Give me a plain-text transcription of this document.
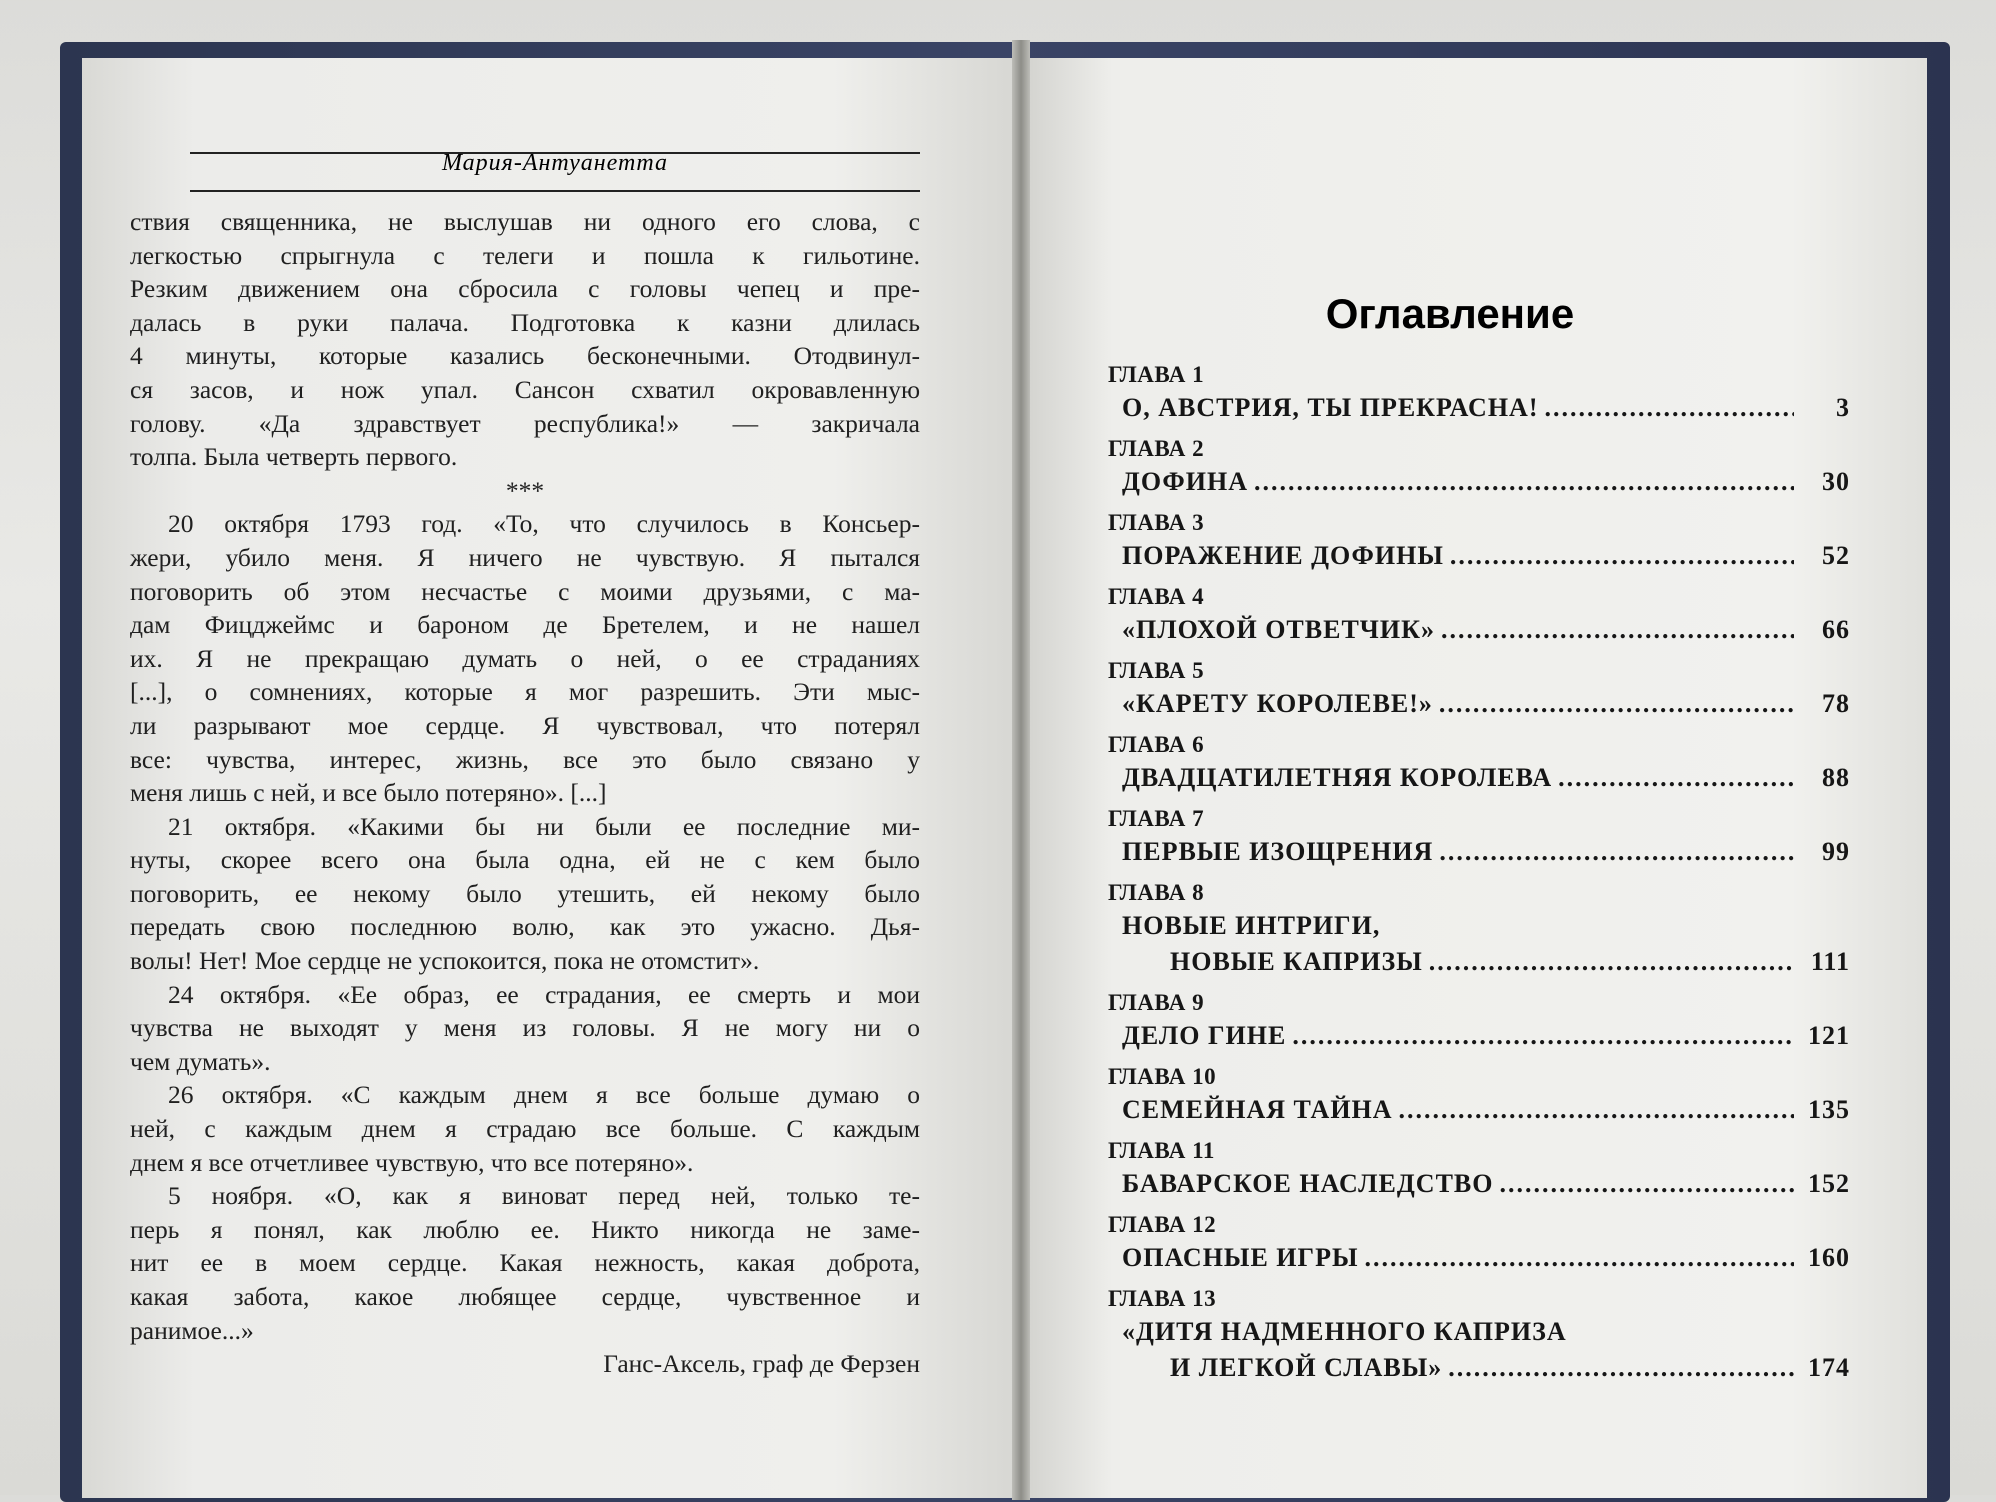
Мария-Антуанетта
ствия священника, не выслушав ни одного его слова, с
легкостью спрыгнула с телеги и пошла к гильотине.
Резким движением она сбросила с головы чепец и пре-
далась в руки палача. Подготовка к казни длилась
4 минуты, которые казались бесконечными. Отодвинул-
ся засов, и нож упал. Сансон схватил окровавленную
голову. «Да здравствует республика!» — закричала
толпа. Была четверть первого.
***
20 октября 1793 год. «То, что случилось в Консьер-
жери, убило меня. Я ничего не чувствую. Я пытался
поговорить об этом несчастье с моими друзьями, с ма-
дам Фицджеймс и бароном де Бретелем, и не нашел
их. Я не прекращаю думать о ней, о ее страданиях
[...], о сомнениях, которые я мог разрешить. Эти мыс-
ли разрывают мое сердце. Я чувствовал, что потерял
все: чувства, интерес, жизнь, все это было связано у
меня лишь с ней, и все было потеряно». [...]
21 октября. «Какими бы ни были ее последние ми-
нуты, скорее всего она была одна, ей не с кем было
поговорить, ее некому было утешить, ей некому было
передать свою последнюю волю, как это ужасно. Дья-
волы! Нет! Мое сердце не успокоится, пока не отомстит».
24 октября. «Ее образ, ее страдания, ее смерть и мои
чувства не выходят у меня из головы. Я не могу ни о
чем думать».
26 октября. «С каждым днем я все больше думаю о
ней, с каждым днем я страдаю все больше. С каждым
днем я все отчетливее чувствую, что все потеряно».
5 ноября. «О, как я виноват перед ней, только те-
перь я понял, как люблю ее. Никто никогда не заме-
нит ее в моем сердце. Какая нежность, какая доброта,
какая забота, какое любящее сердце, чувственное и
ранимое...»
Ганс-Аксель, граф де Ферзен
Оглавление
ГЛАВА 1
О, АВСТРИЯ, ТЫ ПРЕКРАСНА! .....	3
ГЛАВА 2
ДОФИНА .....	30
ГЛАВА 3
ПОРАЖЕНИЕ ДОФИНЫ .....	52
ГЛАВА 4
«ПЛОХОЙ ОТВЕТЧИК» .....	66
ГЛАВА 5
«КАРЕТУ КОРОЛЕВЕ!» .....	78
ГЛАВА 6
ДВАДЦАТИЛЕТНЯЯ КОРОЛЕВА .....	88
ГЛАВА 7
ПЕРВЫЕ ИЗОЩРЕНИЯ .....	99
ГЛАВА 8
НОВЫЕ ИНТРИГИ,
НОВЫЕ КАПРИЗЫ .....	111
ГЛАВА 9
ДЕЛО ГИНЕ .....	121
ГЛАВА 10
СЕМЕЙНАЯ ТАЙНА .....	135
ГЛАВА 11
БАВАРСКОЕ НАСЛЕДСТВО .....	152
ГЛАВА 12
ОПАСНЫЕ ИГРЫ .....	160
ГЛАВА 13
«ДИТЯ НАДМЕННОГО КАПРИЗА
И ЛЕГКОЙ СЛАВЫ» .....	174
